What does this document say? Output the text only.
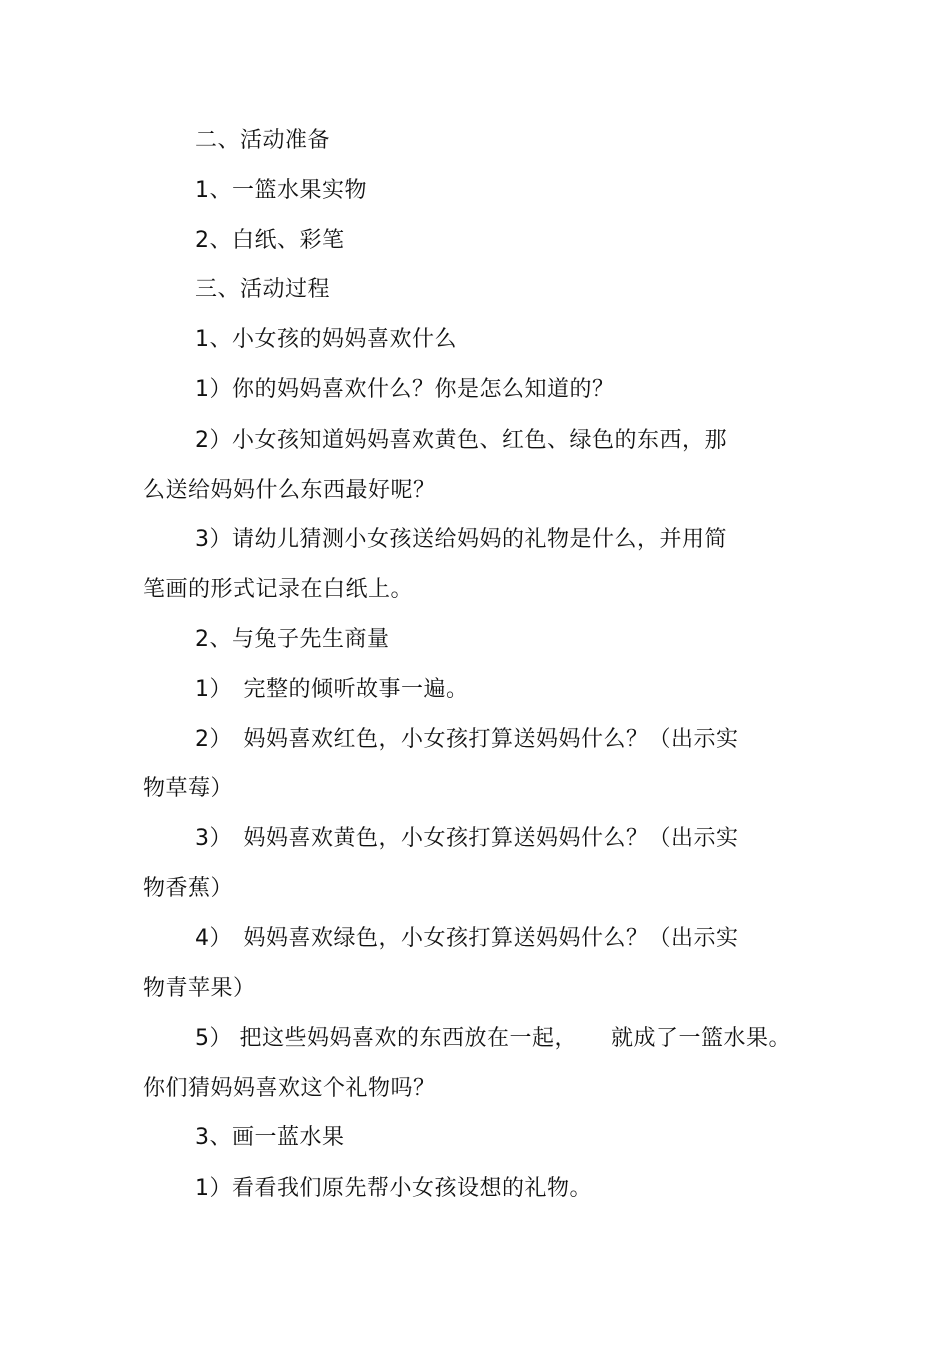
二、活动准备
1、一篮水果实物
2、白纸、彩笔
三、活动过程
1、小女孩的妈妈喜欢什么
1）你的妈妈喜欢什么？你是怎么知道的？
2）小女孩知道妈妈喜欢黄色、红色、绿色的东西，那
么送给妈妈什么东西最好呢？
3）请幼儿猜测小女孩送给妈妈的礼物是什么，并用简
笔画的形式记录在白纸上。
2、与兔子先生商量
1）　完整的倾听故事一遍。
2）　妈妈喜欢红色，小女孩打算送妈妈什么？（出示实
物草莓）
3）　妈妈喜欢黄色，小女孩打算送妈妈什么？（出示实
物香蕉）
4）　妈妈喜欢绿色，小女孩打算送妈妈什么？（出示实
物青苹果）
5） 把这些妈妈喜欢的东西放在一起，　　就成了一篮水果。
你们猜妈妈喜欢这个礼物吗？
3、画一蓝水果
1）看看我们原先帮小女孩设想的礼物。
